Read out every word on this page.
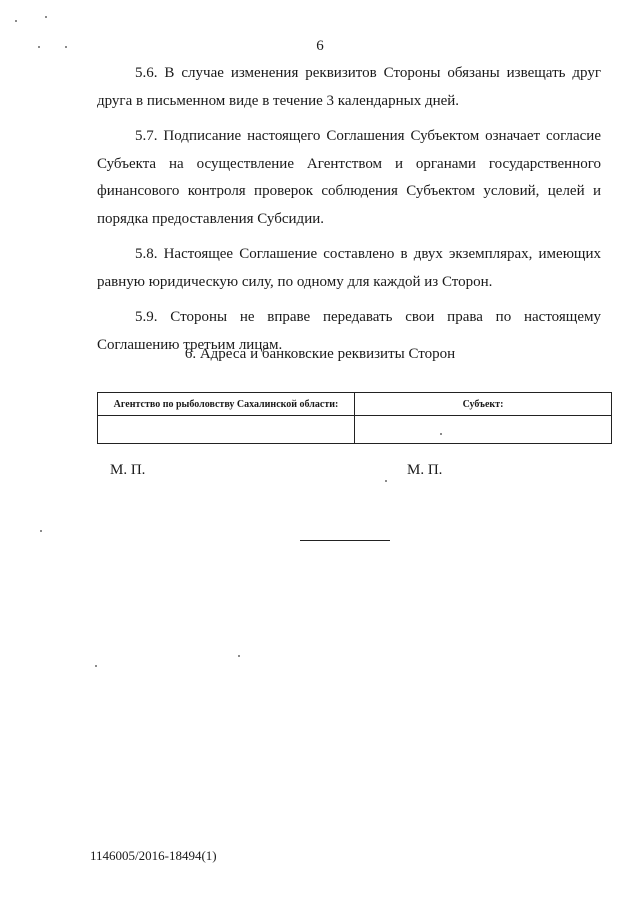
6

5.6. В случае изменения реквизитов Стороны обязаны извещать друг друга в письменном виде в течение 3 календарных дней.

5.7. Подписание настоящего Соглашения Субъектом означает согласие Субъекта на осуществление Агентством и органами государственного финансового контроля проверок соблюдения Субъектом условий, целей и порядка предоставления Субсидии.

5.8. Настоящее Соглашение составлено в двух экземплярах, имеющих равную юридическую силу, по одному для каждой из Сторон.

5.9. Стороны не вправе передавать свои права по настоящему Соглашению третьим лицам.

6. Адреса и банковские реквизиты Сторон
Агентство по рыболовству Сахалинской области:	Субъект:

М. П.	М. П.
1146005/2016-18494(1)
